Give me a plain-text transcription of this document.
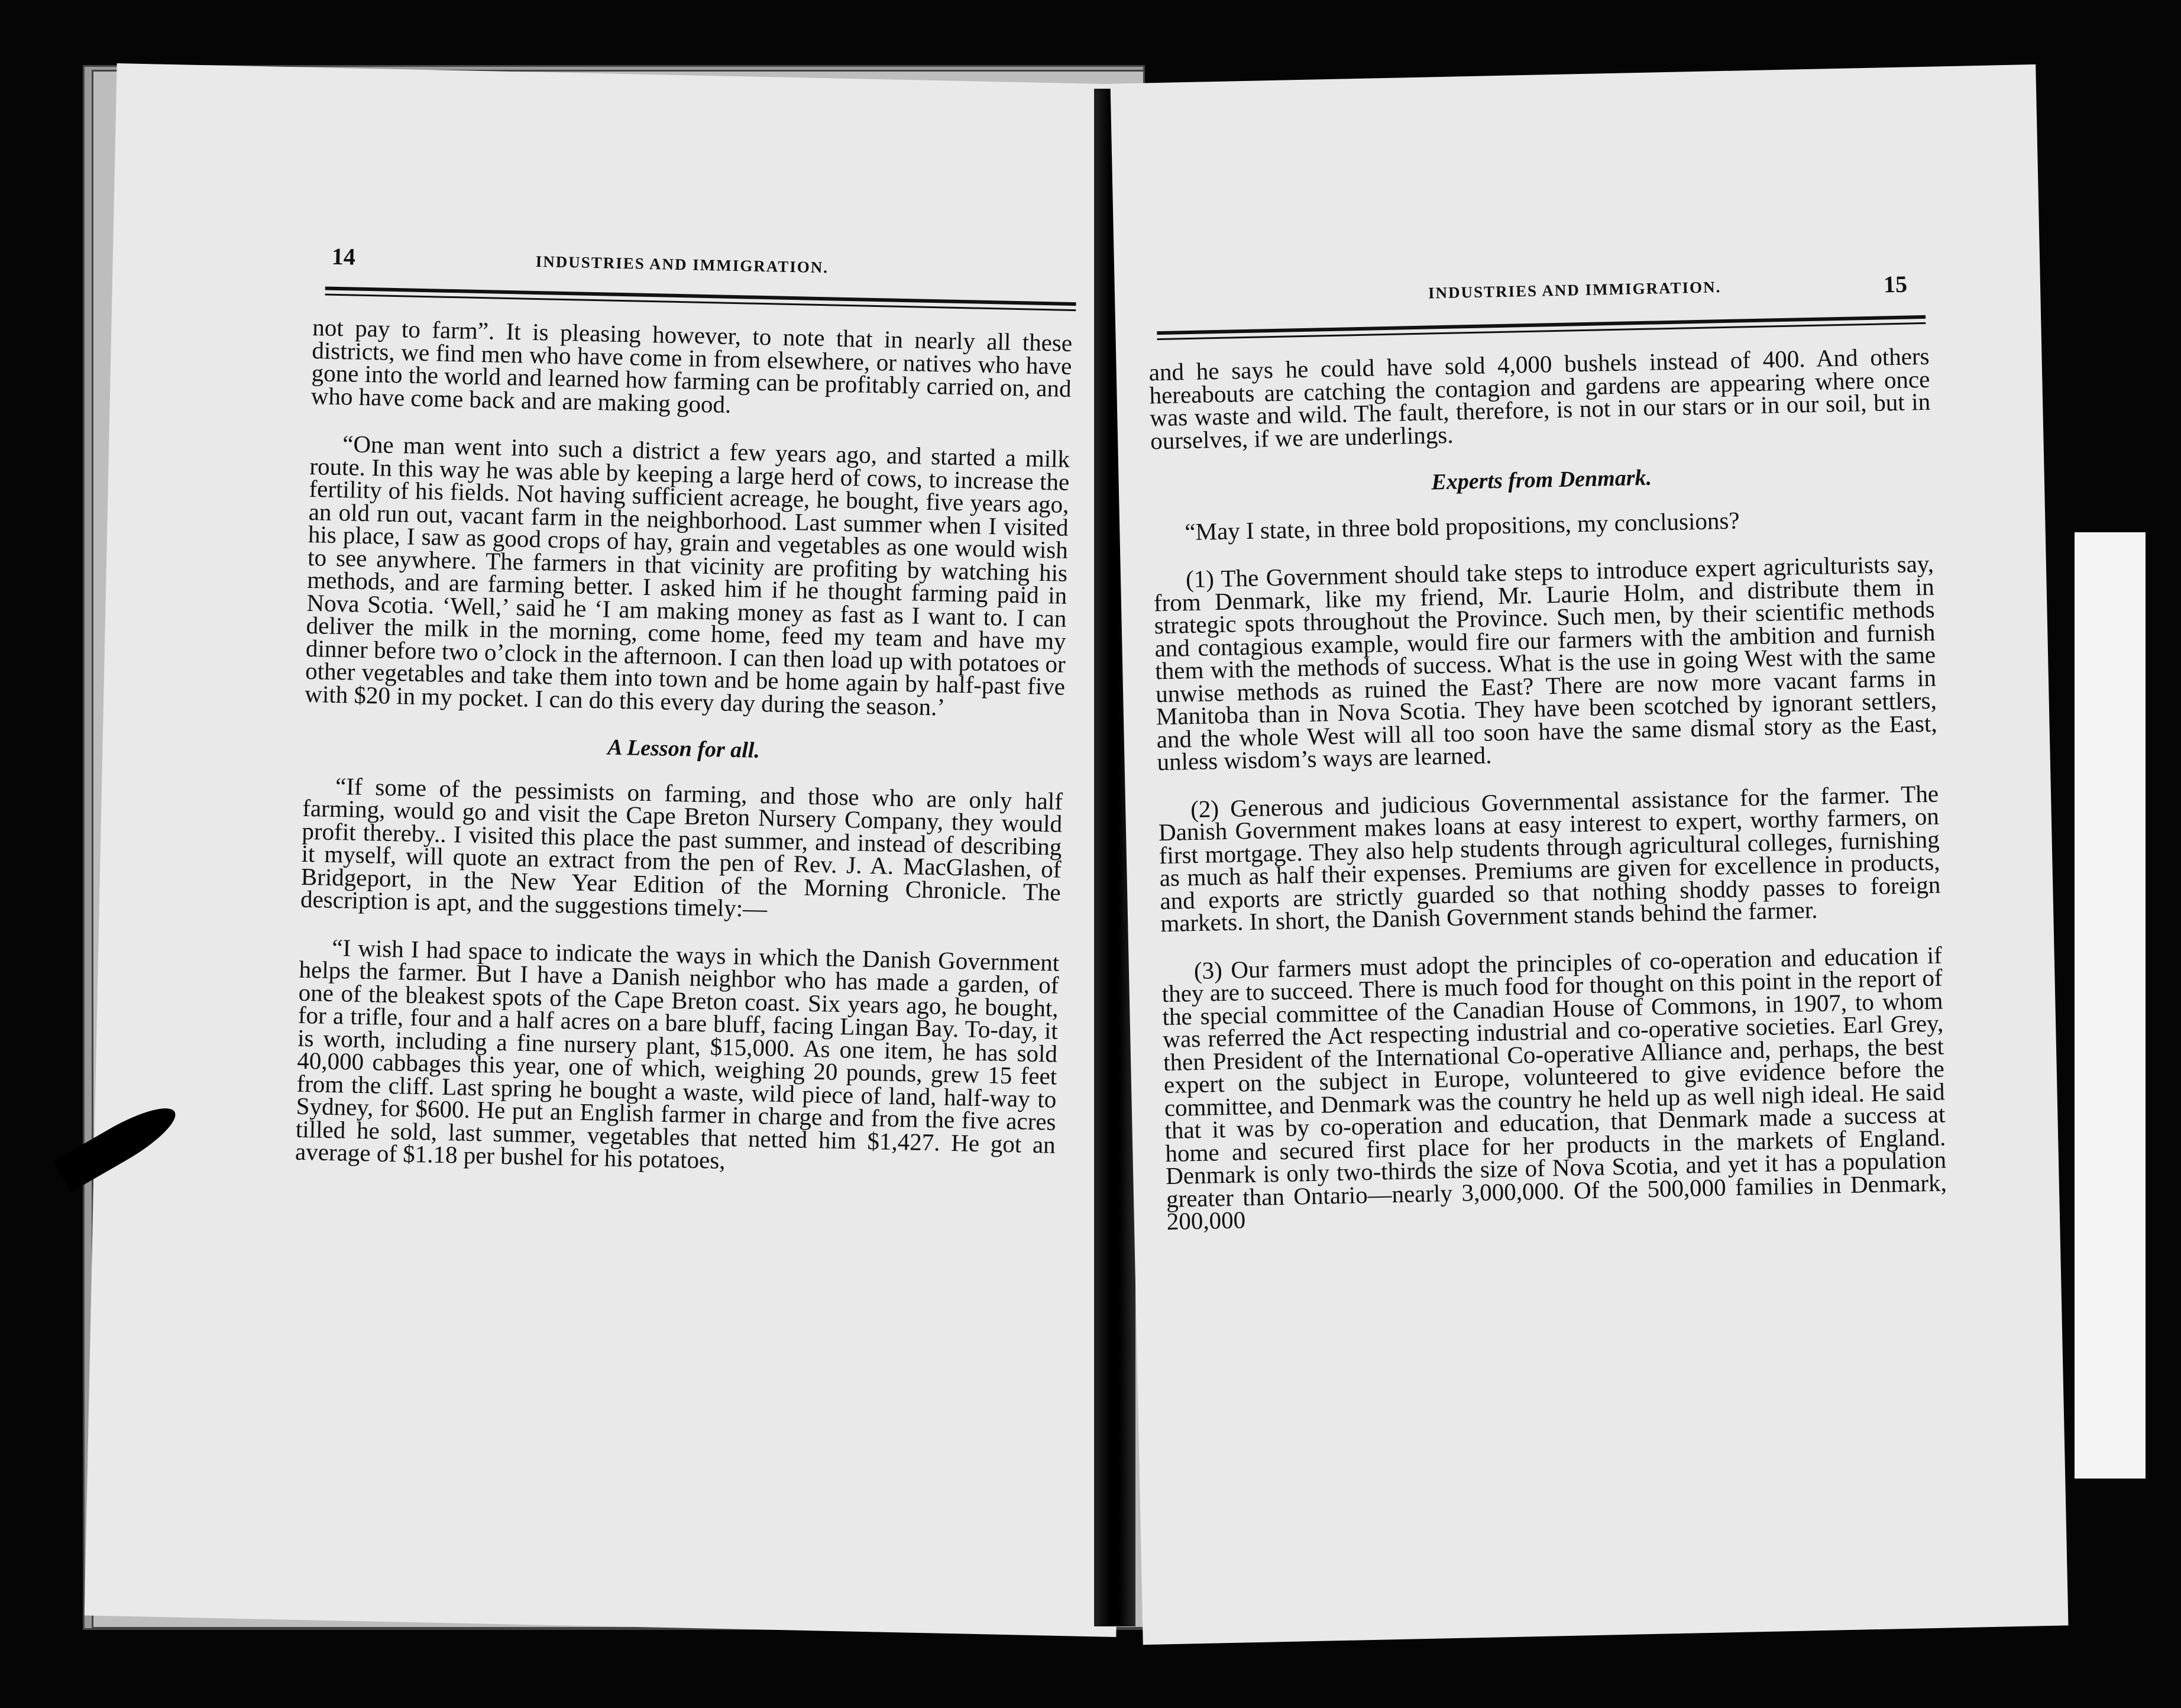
14	INDUSTRIES AND IMMIGRATION.

not pay to farm”. It is pleasing however, to note that in nearly all these districts, we find men who have come in from elsewhere, or natives who have gone into the world and learned how farming can be profitably carried on, and who have come back and are making good.

“One man went into such a district a few years ago, and started a milk route. In this way he was able by keeping a large herd of cows, to increase the fertility of his fields. Not having sufficient acreage, he bought, five years ago, an old run out, vacant farm in the neighborhood. Last summer when I visited his place, I saw as good crops of hay, grain and vegetables as one would wish to see anywhere. The farmers in that vicinity are profiting by watching his methods, and are farming better. I asked him if he thought farming paid in Nova Scotia. ‘Well,’ said he ‘I am making money as fast as I want to. I can deliver the milk in the morning, come home, feed my team and have my dinner before two o’clock in the afternoon. I can then load up with potatoes or other vegetables and take them into town and be home again by half-past five with $20 in my pocket. I can do this every day during the season.’

A Lesson for all.

“If some of the pessimists on farming, and those who are only half farming, would go and visit the Cape Breton Nursery Company, they would profit thereby.. I visited this place the past summer, and instead of describing it myself, will quote an extract from the pen of Rev. J. A. MacGlashen, of Bridgeport, in the New Year Edition of the Morning Chronicle. The description is apt, and the suggestions timely:—

“I wish I had space to indicate the ways in which the Danish Government helps the farmer. But I have a Danish neighbor who has made a garden, of one of the bleakest spots of the Cape Breton coast. Six years ago, he bought, for a trifle, four and a half acres on a bare bluff, facing Lingan Bay. To-day, it is worth, including a fine nursery plant, $15,000. As one item, he has sold 40,000 cabbages this year, one of which, weighing 20 pounds, grew 15 feet from the cliff. Last spring he bought a waste, wild piece of land, half-way to Sydney, for $600. He put an English farmer in charge and from the five acres tilled he sold, last summer, vegetables that netted him $1,427. He got an average of $1.18 per bushel for his potatoes,

INDUSTRIES AND IMMIGRATION.	15

and he says he could have sold 4,000 bushels instead of 400. And others hereabouts are catching the contagion and gardens are appearing where once was waste and wild. The fault, therefore, is not in our stars or in our soil, but in ourselves, if we are underlings.

Experts from Denmark.

“May I state, in three bold propositions, my conclusions?

(1) The Government should take steps to introduce expert agriculturists say, from Denmark, like my friend, Mr. Laurie Holm, and distribute them in strategic spots throughout the Province. Such men, by their scientific methods and contagious example, would fire our farmers with the ambition and furnish them with the methods of success. What is the use in going West with the same unwise methods as ruined the East? There are now more vacant farms in Manitoba than in Nova Scotia. They have been scotched by ignorant settlers, and the whole West will all too soon have the same dismal story as the East, unless wisdom’s ways are learned.

(2) Generous and judicious Governmental assistance for the farmer. The Danish Government makes loans at easy interest to expert, worthy farmers, on first mortgage. They also help students through agricultural colleges, furnishing as much as half their expenses. Premiums are given for excellence in products, and exports are strictly guarded so that nothing shoddy passes to foreign markets. In short, the Danish Government stands behind the farmer.

(3) Our farmers must adopt the principles of co-operation and education if they are to succeed. There is much food for thought on this point in the report of the special committee of the Canadian House of Commons, in 1907, to whom was referred the Act respecting industrial and co-operative societies. Earl Grey, then President of the International Co-operative Alliance and, perhaps, the best expert on the subject in Europe, volunteered to give evidence before the committee, and Denmark was the country he held up as well nigh ideal. He said that it was by co-operation and education, that Denmark made a success at home and secured first place for her products in the markets of England. Denmark is only two-thirds the size of Nova Scotia, and yet it has a population greater than Ontario—nearly 3,000,000. Of the 500,000 families in Denmark, 200,000
